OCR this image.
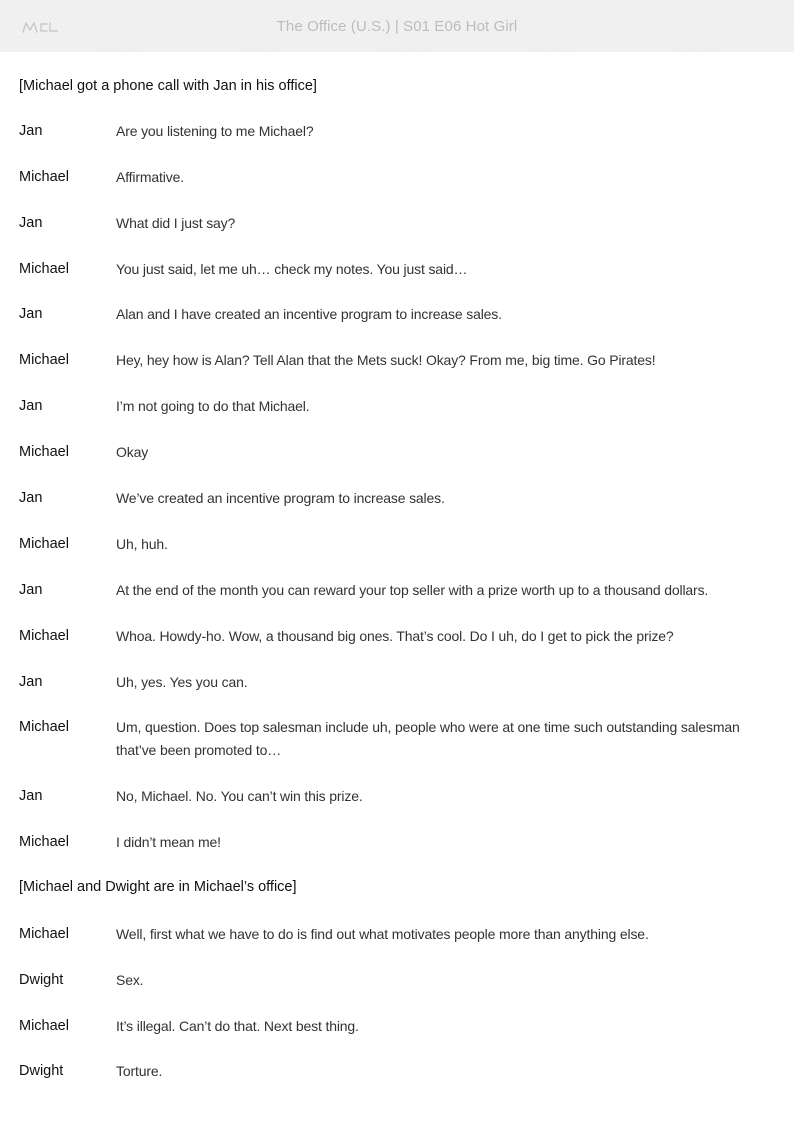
The Office (U.S.) | S01 E06 Hot Girl
[Michael got a phone call with Jan in his office]
Jan	Are you listening to me Michael?
Michael	Affirmative.
Jan	What did I just say?
Michael	You just said, let me uh… check my notes. You just said…
Jan	Alan and I have created an incentive program to increase sales.
Michael	Hey, hey how is Alan? Tell Alan that the Mets suck! Okay? From me, big time. Go Pirates!
Jan	I’m not going to do that Michael.
Michael	Okay
Jan	We’ve created an incentive program to increase sales.
Michael	Uh, huh.
Jan	At the end of the month you can reward your top seller with a prize worth up to a thousand dollars.
Michael	Whoa. Howdy-ho. Wow, a thousand big ones. That’s cool. Do I uh, do I get to pick the prize?
Jan	Uh, yes. Yes you can.
Michael	Um, question. Does top salesman include uh, people who were at one time such outstanding salesman that’ve been promoted to…
Jan	No, Michael. No. You can’t win this prize.
Michael	I didn’t mean me!
[Michael and Dwight are in Michael’s office]
Michael	Well, first what we have to do is find out what motivates people more than anything else.
Dwight	Sex.
Michael	It’s illegal. Can’t do that. Next best thing.
Dwight	Torture.
